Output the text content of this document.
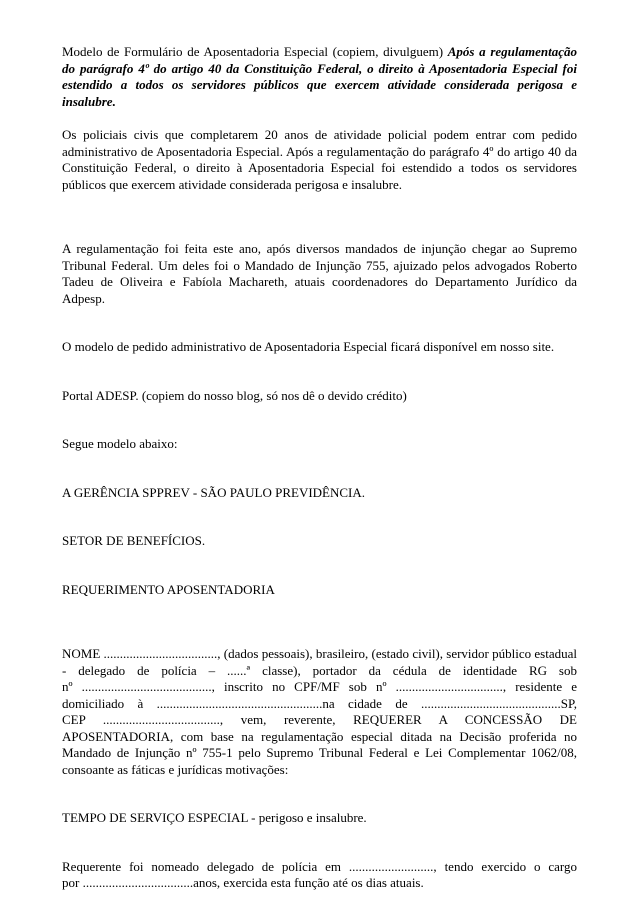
Modelo de Formulário de Aposentadoria Especial (copiem, divulguem) Após a regulamentação do parágrafo 4º do artigo 40 da Constituição Federal, o direito à Aposentadoria Especial foi estendido a todos os servidores públicos que exercem atividade considerada perigosa e insalubre.

Os policiais civis que completarem 20 anos de atividade policial podem entrar com pedido administrativo de Aposentadoria Especial. Após a regulamentação do parágrafo 4º do artigo 40 da Constituição Federal, o direito à Aposentadoria Especial foi estendido a todos os servidores públicos que exercem atividade considerada perigosa e insalubre.

A regulamentação foi feita este ano, após diversos mandados de injunção chegar ao Supremo Tribunal Federal. Um deles foi o Mandado de Injunção 755, ajuizado pelos advogados Roberto Tadeu de Oliveira e Fabíola Machareth, atuais coordenadores do Departamento Jurídico da Adpesp.

O modelo de pedido administrativo de Aposentadoria Especial ficará disponível em nosso site.

Portal ADESP. (copiem do nosso blog, só nos dê o devido crédito)

Segue modelo abaixo:

A GERÊNCIA SPPREV - SÃO PAULO PREVIDÊNCIA.

SETOR DE BENEFÍCIOS.

REQUERIMENTO APOSENTADORIA

NOME ..................................., (dados pessoais), brasileiro, (estado civil), servidor público estadual
- delegado de polícia – ......ª classe), portador da cédula de identidade RG sob
nº ........................................, inscrito no CPF/MF sob nº ................................., residente e
domiciliado à ...................................................na cidade de ...........................................SP,
CEP ...................................., vem, reverente, REQUERER A CONCESSÃO DE
APOSENTADORIA, com base na regulamentação especial ditada na Decisão proferida no
Mandado de Injunção nº 755-1 pelo Supremo Tribunal Federal e Lei Complementar 1062/08,
consoante as fáticas e jurídicas motivações:

TEMPO DE SERVIÇO ESPECIAL - perigoso e insalubre.

Requerente foi nomeado delegado de polícia em .........................., tendo exercido o cargo
por ..................................anos, exercida esta função até os dias atuais.
